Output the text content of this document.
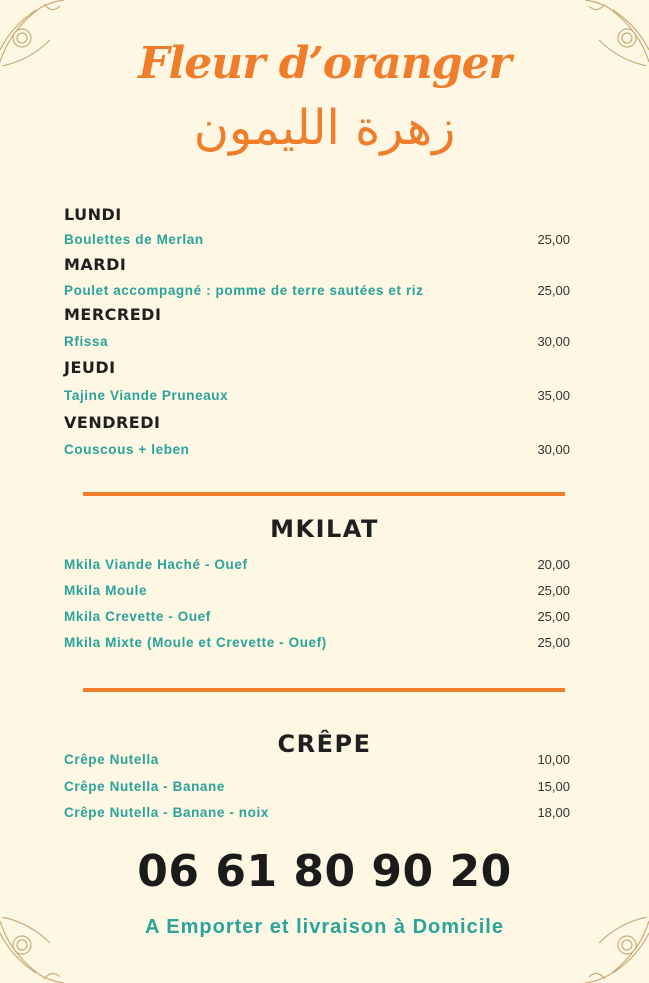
Fleur d’oranger
زهرة الليمون
LUNDI
Boulettes de Merlan	25,00
MARDI
Poulet accompagné : pomme de terre sautées et riz	25,00
MERCREDI
Rfissa	30,00
JEUDI
Tajine Viande Pruneaux	35,00
VENDREDI
Couscous + leben	30,00
MKILAT
Mkila Viande Haché - Ouef	20,00
Mkila Moule	25,00
Mkila Crevette - Ouef	25,00
Mkila Mixte (Moule et Crevette - Ouef)	25,00
CRÊPE
Crêpe Nutella	10,00
Crêpe Nutella - Banane	15,00
Crêpe Nutella - Banane - noix	18,00
06 61 80 90 20
A Emporter et livraison à Domicile
